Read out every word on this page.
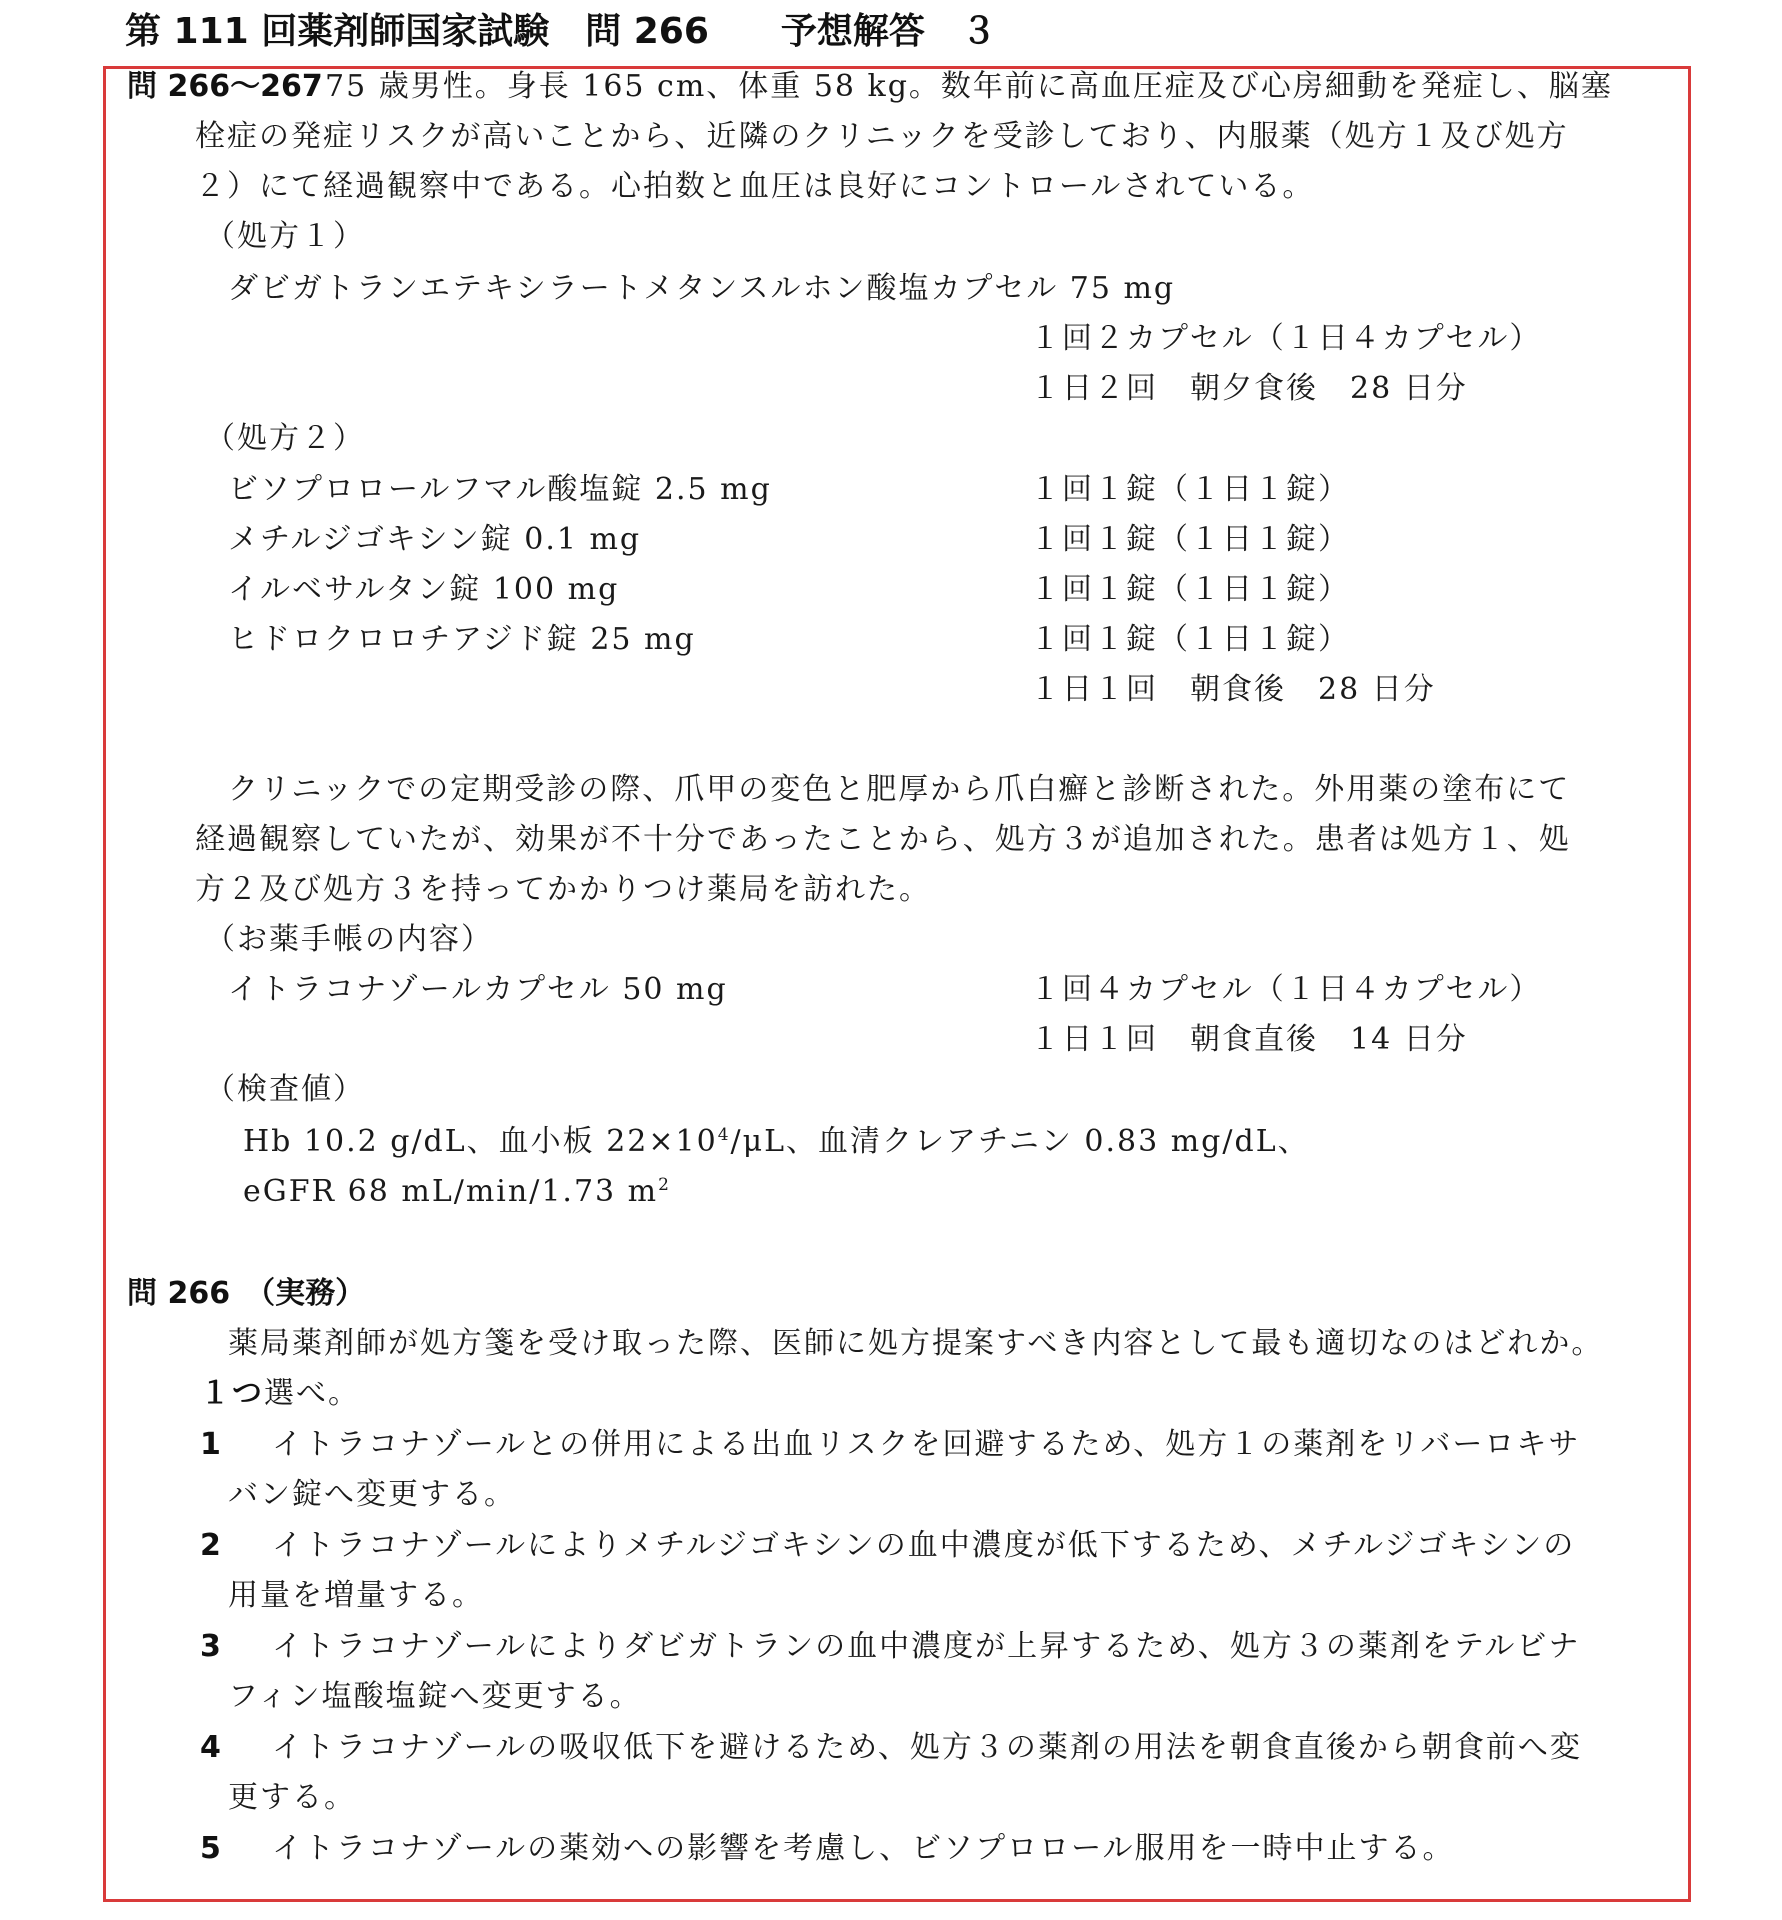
第 111 回薬剤師国家試験　問 266　　予想解答　３
問 266〜267 75 歳男性。身長 165 cm、体重 58 kg。数年前に高血圧症及び心房細動を発症し、脳塞
栓症の発症リスクが高いことから、近隣のクリニックを受診しており、内服薬（処方１及び処方
２）にて経過観察中である。心拍数と血圧は良好にコントロールされている。
（処方１）
ダビガトランエテキシラートメタンスルホン酸塩カプセル 75 mg
１回２カプセル（１日４カプセル）
１日２回　朝夕食後　28 日分
（処方２）
ビソプロロールフマル酸塩錠 2.5 mg	１回１錠（１日１錠）
メチルジゴキシン錠 0.1 mg	１回１錠（１日１錠）
イルベサルタン錠 100 mg	１回１錠（１日１錠）
ヒドロクロロチアジド錠 25 mg	１回１錠（１日１錠）
１日１回　朝食後　28 日分
クリニックでの定期受診の際、爪甲の変色と肥厚から爪白癬と診断された。外用薬の塗布にて
経過観察していたが、効果が不十分であったことから、処方３が追加された。患者は処方１、処
方２及び処方３を持ってかかりつけ薬局を訪れた。
（お薬手帳の内容）
イトラコナゾールカプセル 50 mg	１回４カプセル（１日４カプセル）
１日１回　朝食直後　14 日分
（検査値）
Hb 10.2 g/dL、血小板 $22\times 10^4/\mu L$、血清クレアチニン 0.83 mg/dL、
eGFR 68 mL/min/1.73 $m^2$
問 266　（実務）
薬局薬剤師が処方箋を受け取った際、医師に処方提案すべき内容として最も適切なのはどれか。
１つ選べ。
1 イトラコナゾールとの併用による出血リスクを回避するため、処方１の薬剤をリバーロキサ
バン錠へ変更する。
2 イトラコナゾールによりメチルジゴキシンの血中濃度が低下するため、メチルジゴキシンの
用量を増量する。
3 イトラコナゾールによりダビガトランの血中濃度が上昇するため、処方３の薬剤をテルビナ
フィン塩酸塩錠へ変更する。
4 イトラコナゾールの吸収低下を避けるため、処方３の薬剤の用法を朝食直後から朝食前へ変
更する。
5 イトラコナゾールの薬効への影響を考慮し、ビソプロロール服用を一時中止する。
